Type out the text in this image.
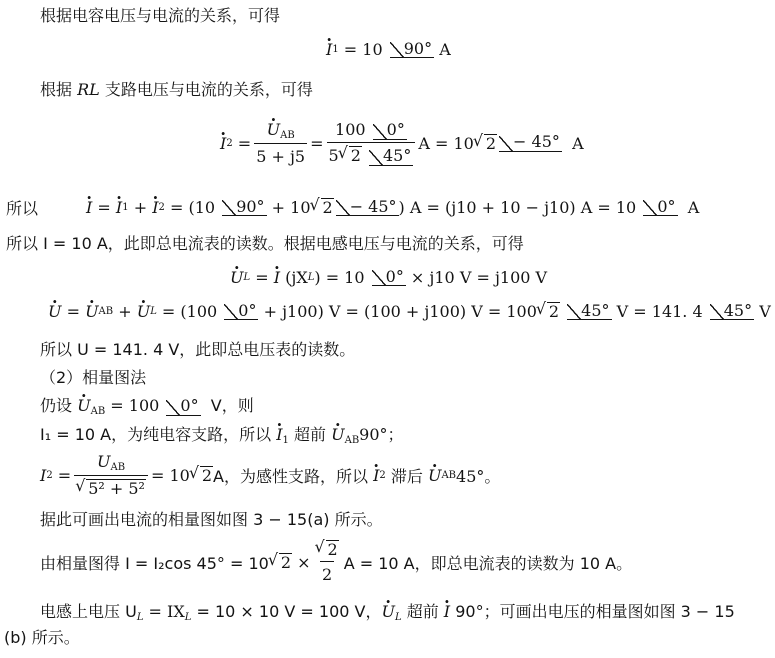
根据电容电压与电流的关系，可得
· I 1
= 10
	90°
A
根据 RL 支路电压与电流的关系，可得
· I 2 = · $\frac{U_{AB}}{5 + j5} = \frac{100 0^\circ}{5 √ 2 45^\circ}$ A = 10 √ 2	− 45°
A
所以	· I = · I 1 + · I 2
= (10
	90°
+ 10 √ 2	− 45° ) A = (j10 + 10 − j10) A = 10
	0°
A
所以 I = 10 A，此即总电流表的读数。根据电感电压与电流的关系，可得
· U L = · I
(jX L ) = 10
	0°
× j10 V = j100 V
· U = · U AB + · U L
= (100
	0°
+ j100) V = (100 + j100) V = 100 √ 2
	45°
V = 141. 4
	45°
V
所以 U = 141. 4 V，此即总电压表的读数。
（2）相量图法
仍设 · $U_{AB} = 100$ 0° V，则
I₁ = 10 A，为纯电容支路，所以 · $I_1$ 超前 · $U_{AB}90^\circ$；
I $2 = U_{AB}$
√ 5² + 5² = 10 √ 2 A，为感性支路，所以
· I 2
滞后
· U AB 45°。
据此可画出电流的相量图如图 3 − 15(a) 所示。
由相量图得 I = I₂cos 45° = 10 √ 2
× √ $\frac{2}{2}$ A = 10 A，即总电流表的读数为 10 A。
电感上电压 $U_L = IX_L = 10 \times 10$ V = 100 V，· $U_L$ 超前 · I 90°；可画出电压的相量图如图 3 − 15
(b) 所示。
